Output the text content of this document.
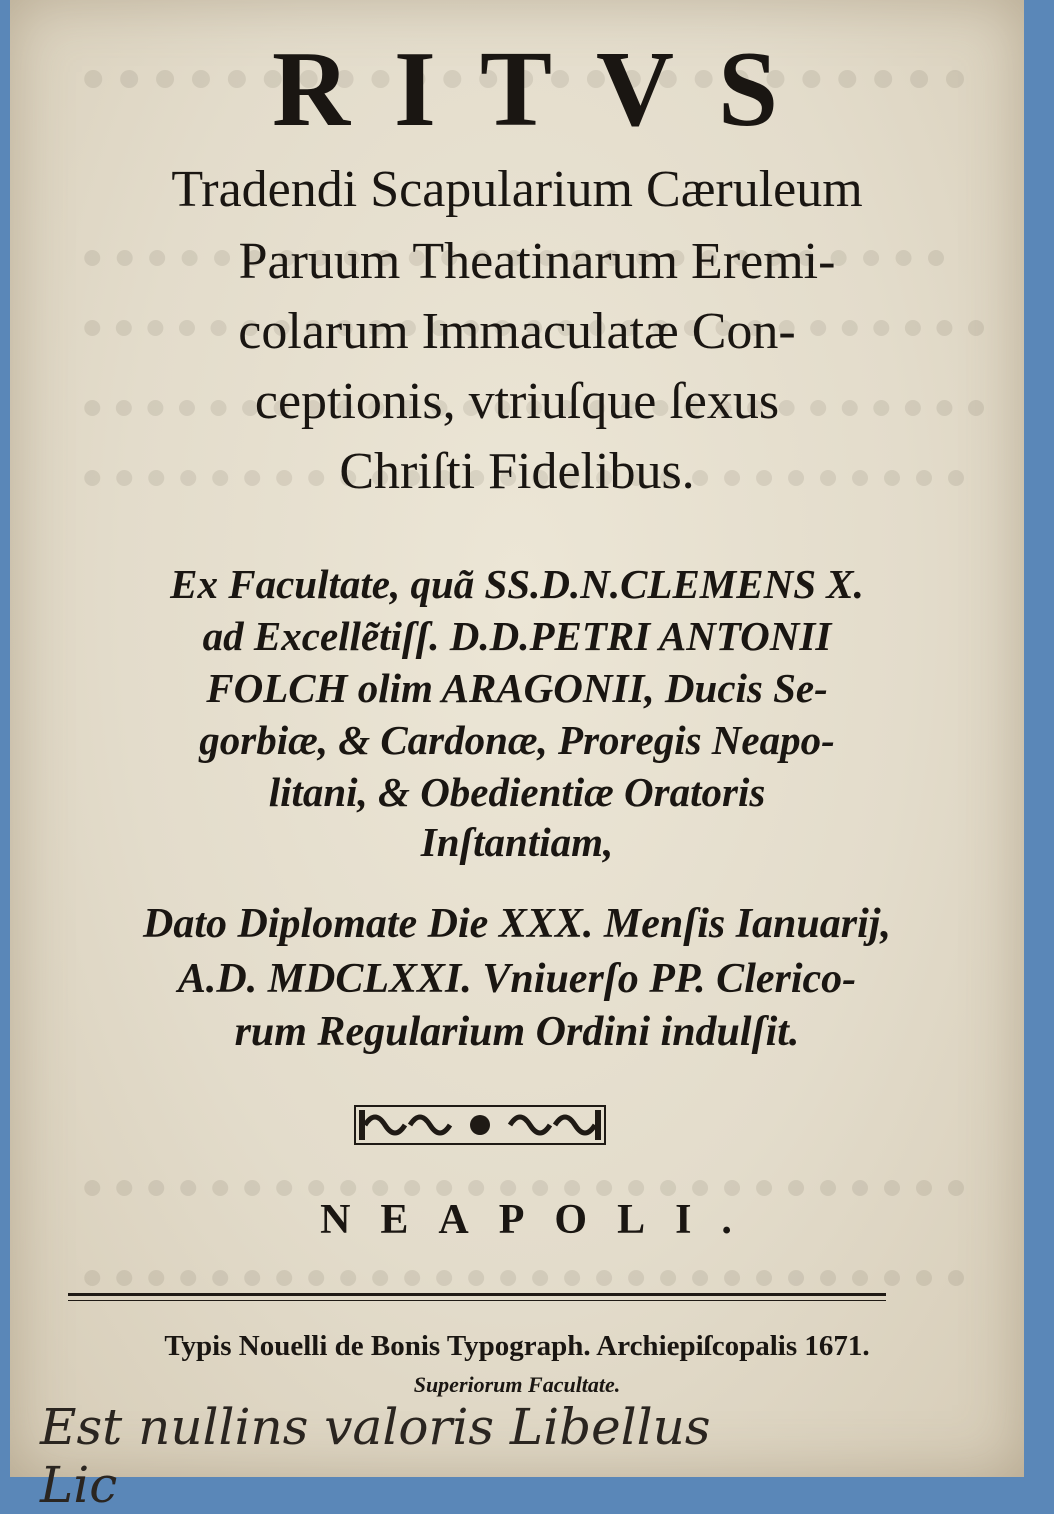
RITVS
Tradendi Scapularium Cæruleum
Paruum Theatinarum Eremi-
colarum Immaculatæ Con-
ceptionis, vtriuſque ſexus
Chriſti Fidelibus.
Ex Facultate, quã SS.D.N.CLEMENS X.
ad Excellẽtiſſ. D.D.PETRI ANTONII
FOLCH olim ARAGONII, Ducis Se-
gorbiæ, & Cardonæ, Proregis Neapo-
litani, & Obedientiæ Oratoris
Inſtantiam,
Dato Diplomate Die XXX. Menſis Ianuarij,
A.D. MDCLXXI. Vniuerſo PP. Clerico-
rum Regularium Ordini indulſit.
NEAPOLI.
Typis Nouelli de Bonis Typograph. Archiepiſcopalis 1671.
Superiorum Facultate.
Est nullins valoris Libellus Lic
